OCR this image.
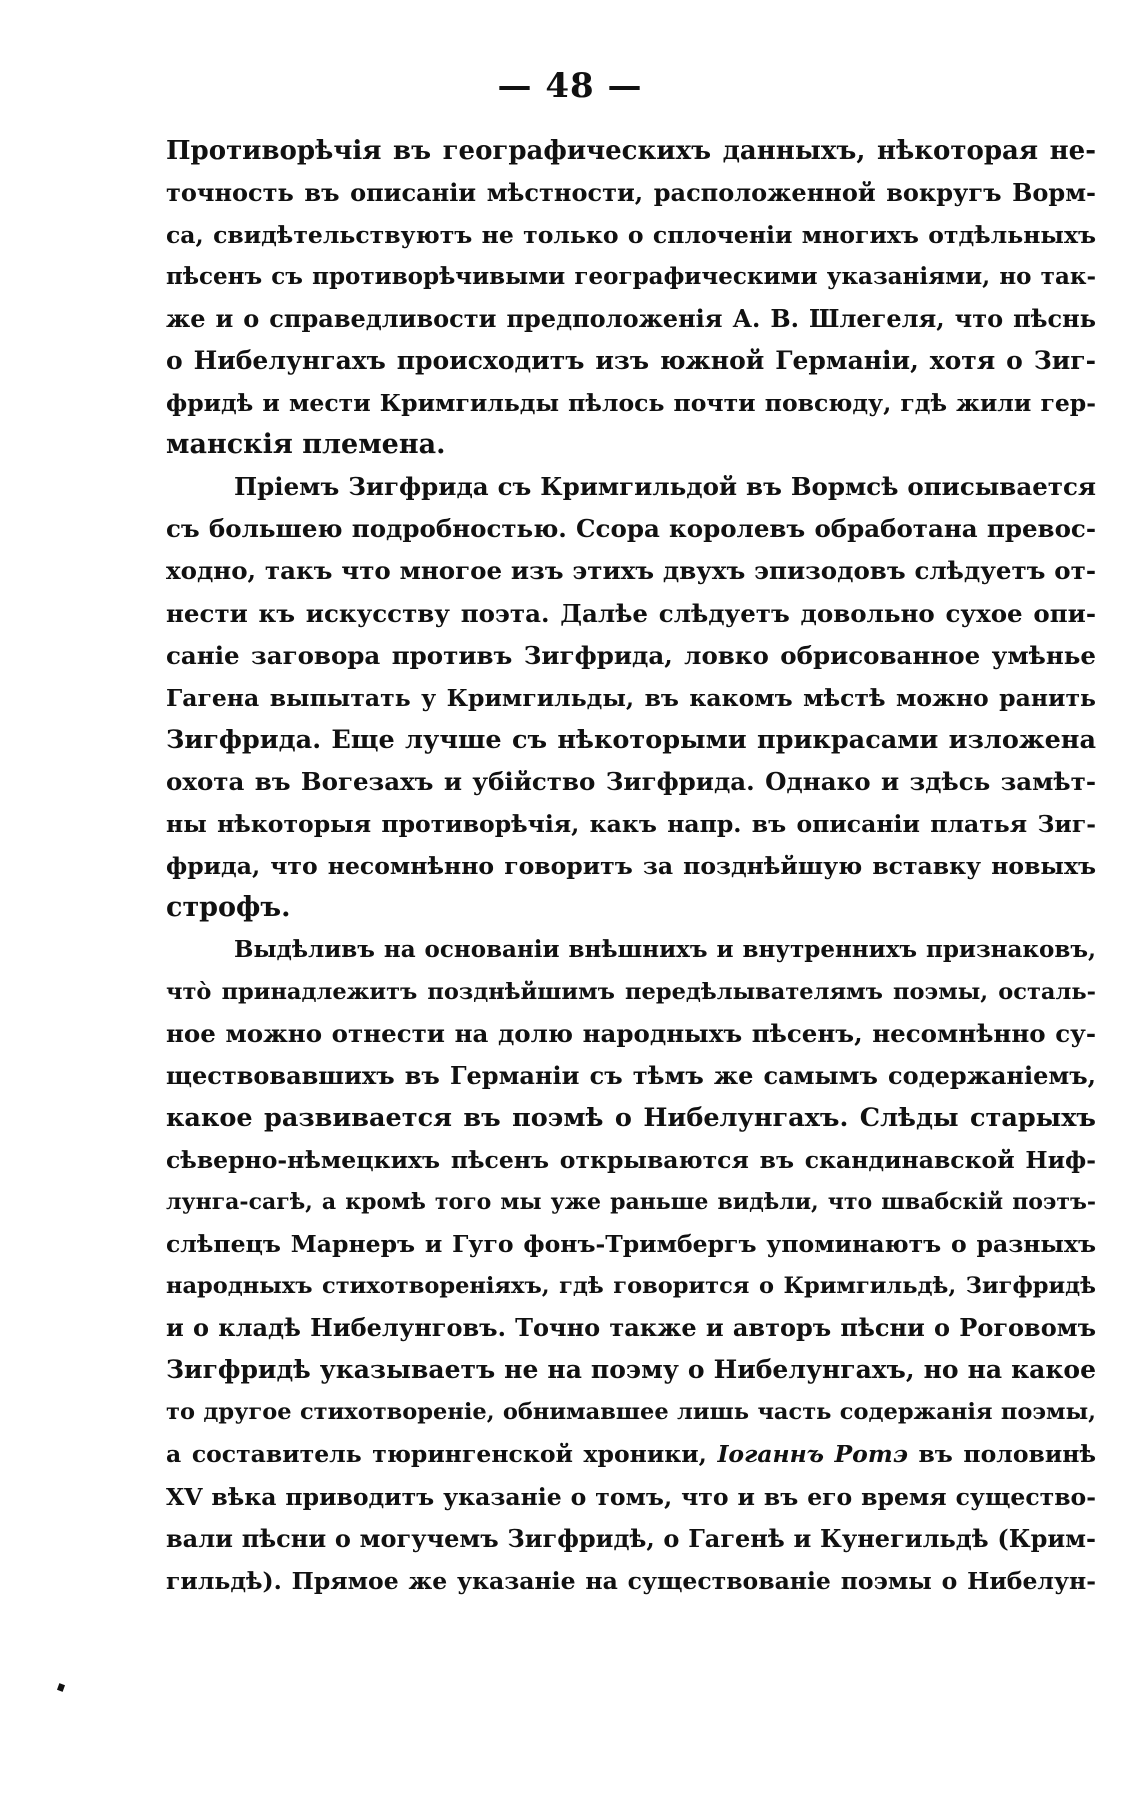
— 48 —
Противорѣчія въ географическихъ данныхъ, нѣкоторая не-
точность въ описаніи мѣстности, расположенной вокругъ Ворм-
са, свидѣтельствуютъ не только о сплоченіи многихъ отдѣльныхъ
пѣсенъ съ противорѣчивыми географическими указаніями, но так-
же и о справедливости предположенія А. В. Шлегеля, что пѣснь
о Нибелунгахъ происходитъ изъ южной Германіи, хотя о Зиг-
фридѣ и мести Кримгильды пѣлось почти повсюду, гдѣ жили гер-
манскія племена.
Пріемъ Зигфрида съ Кримгильдой въ Вормсѣ описывается
съ большею подробностью. Ссора королевъ обработана превос-
ходно, такъ что многое изъ этихъ двухъ эпизодовъ слѣдуетъ от-
нести къ искусству поэта. Далѣе слѣдуетъ довольно сухое опи-
саніе заговора противъ Зигфрида, ловко обрисованное умѣнье
Гагена выпытать у Кримгильды, въ какомъ мѣстѣ можно ранить
Зигфрида. Еще лучше съ нѣкоторыми прикрасами изложена
охота въ Вогезахъ и убійство Зигфрида. Однако и здѣсь замѣт-
ны нѣкоторыя противорѣчія, какъ напр. въ описаніи платья Зиг-
фрида, что несомнѣнно говоритъ за позднѣйшую вставку новыхъ
строфъ.
Выдѣливъ на основаніи внѣшнихъ и внутреннихъ признаковъ,
чтò принадлежитъ позднѣйшимъ передѣлывателямъ поэмы, осталь-
ное можно отнести на долю народныхъ пѣсенъ, несомнѣнно су-
ществовавшихъ въ Германіи съ тѣмъ же самымъ содержаніемъ,
какое развивается въ поэмѣ о Нибелунгахъ. Слѣды старыхъ
сѣверно-нѣмецкихъ пѣсенъ открываются въ скандинавской Ниф-
лунга-сагѣ, а кромѣ того мы уже раньше видѣли, что швабскій поэтъ-
слѣпецъ Марнеръ и Гуго фонъ-Тримбергъ упоминаютъ о разныхъ
народныхъ стихотвореніяхъ, гдѣ говорится о Кримгильдѣ, Зигфридѣ
и о кладѣ Нибелунговъ. Точно также и авторъ пѣсни о Роговомъ
Зигфридѣ указываетъ не на поэму о Нибелунгахъ, но на какое
то другое стихотвореніе, обнимавшее лишь часть содержанія поэмы,
а составитель тюрингенской хроники, Іоганнъ Ротэ въ половинѣ
XV вѣка приводитъ указаніе о томъ, что и въ его время существо-
вали пѣсни о могучемъ Зигфридѣ, о Гагенѣ и Кунегильдѣ (Крим-
гильдѣ). Прямое же указаніе на существованіе поэмы о Нибелун-
